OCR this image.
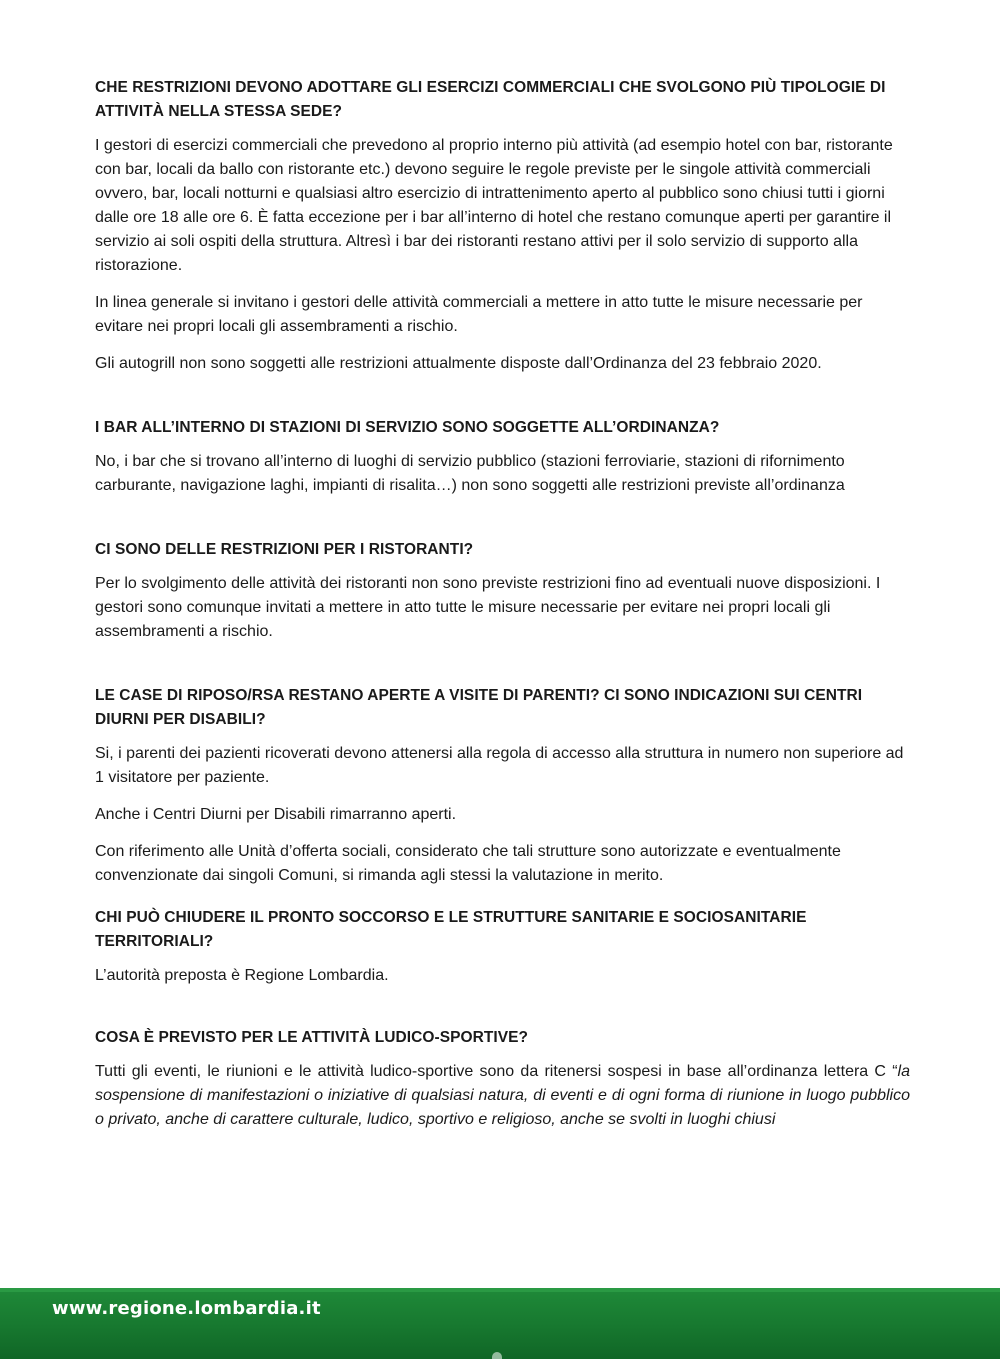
CHE RESTRIZIONI DEVONO ADOTTARE GLI ESERCIZI COMMERCIALI CHE SVOLGONO PIÙ TIPOLOGIE DI ATTIVITÀ NELLA STESSA SEDE?

I gestori di esercizi commerciali che prevedono al proprio interno più attività (ad esempio hotel con bar, ristorante con bar, locali da ballo con ristorante etc.) devono seguire le regole previste per le singole attività commerciali ovvero, bar, locali notturni e qualsiasi altro esercizio di intrattenimento aperto al pubblico sono chiusi tutti i giorni dalle ore 18 alle ore 6. È fatta eccezione per i bar all’interno di hotel che restano comunque aperti per garantire il servizio ai soli ospiti della struttura. Altresì i bar dei ristoranti restano attivi per il solo servizio di supporto alla ristorazione.

In linea generale si invitano i gestori delle attività commerciali a mettere in atto tutte le misure necessarie per evitare nei propri locali gli assembramenti a rischio.

Gli autogrill non sono soggetti alle restrizioni attualmente disposte dall’Ordinanza del 23 febbraio 2020.

I BAR ALL’INTERNO DI STAZIONI DI SERVIZIO SONO SOGGETTE ALL’ORDINANZA?

No, i bar che si trovano all’interno di luoghi di servizio pubblico (stazioni ferroviarie, stazioni di rifornimento carburante, navigazione laghi, impianti di risalita…) non sono soggetti alle restrizioni previste all’ordinanza

CI SONO DELLE RESTRIZIONI PER I RISTORANTI?

Per lo svolgimento delle attività dei ristoranti non sono previste restrizioni fino ad eventuali nuove disposizioni. I gestori sono comunque invitati a mettere in atto tutte le misure necessarie per evitare nei propri locali gli assembramenti a rischio.

LE CASE DI RIPOSO/RSA RESTANO APERTE A VISITE DI PARENTI? CI SONO INDICAZIONI SUI CENTRI DIURNI PER DISABILI?

Si, i parenti dei pazienti ricoverati devono attenersi alla regola di accesso alla struttura in numero non superiore ad 1 visitatore per paziente.

Anche i Centri Diurni per Disabili rimarranno aperti.

Con riferimento alle Unità d’offerta sociali, considerato che tali strutture sono autorizzate e eventualmente convenzionate dai singoli Comuni, si rimanda agli stessi la valutazione in merito.

CHI PUÒ CHIUDERE IL PRONTO SOCCORSO E LE STRUTTURE SANITARIE E SOCIOSANITARIE TERRITORIALI?

L’autorità preposta è Regione Lombardia.

COSA È PREVISTO PER LE ATTIVITÀ LUDICO-SPORTIVE?

Tutti gli eventi, le riunioni e le attività ludico-sportive sono da ritenersi sospesi in base all’ordinanza lettera C “la sospensione di manifestazioni o iniziative di qualsiasi natura, di eventi e di ogni forma di riunione in luogo pubblico o privato, anche di carattere culturale, ludico, sportivo e religioso, anche se svolti in luoghi chiusi

www.regione.lombardia.it
